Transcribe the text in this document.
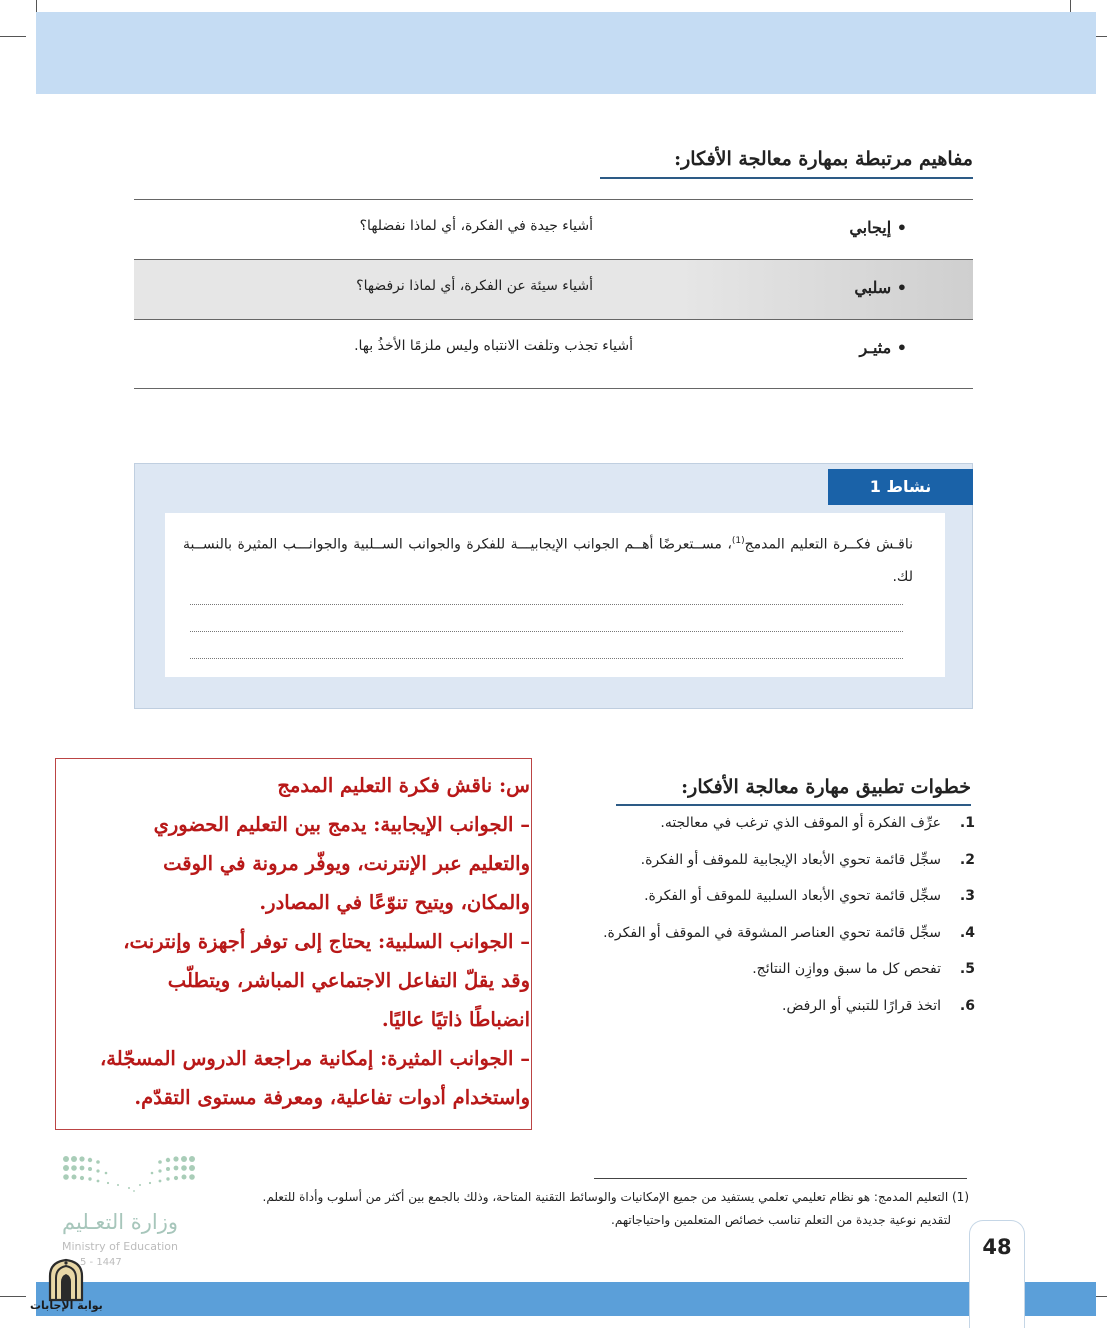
مفاهيم مرتبطة بمهارة معالجة الأفكار:
• إيجابي
أشياء جيدة في الفكرة، أي لماذا نفضلها؟
• سلبي
أشياء سيئة عن الفكرة، أي لماذا نرفضها؟
• مثيـر
أشياء تجذب وتلفت الانتباه وليس ملزمًا الأخذُ بها.
نشاط 1
ناقـش فكــرة التعليم المدمج$^{(1)}$، مســتعرضًا أهــم الجوانب الإيجابيـــة للفكرة والجوانب الســلبية والجوانـــب المثيرة بالنســبة لك.

س: ناقش فكرة التعليم المدمج

– الجوانب الإيجابية: يدمج بين التعليم الحضوري

والتعليم عبر الإنترنت، ويوفّر مرونة في الوقت

والمكان، ويتيح تنوّعًا في المصادر.

– الجوانب السلبية: يحتاج إلى توفر أجهزة وإنترنت،

وقد يقلّ التفاعل الاجتماعي المباشر، ويتطلّب

انضباطًا ذاتيًا عاليًا.

– الجوانب المثيرة: إمكانية مراجعة الدروس المسجّلة،

واستخدام أدوات تفاعلية، ومعرفة مستوى التقدّم.

خطوات تطبيق مهارة معالجة الأفكار:
1.
عرِّف الفكرة أو الموقف الذي ترغب في معالجته.
2.
سجِّل قائمة تحوي الأبعاد الإيجابية للموقف أو الفكرة.
3.
سجِّل قائمة تحوي الأبعاد السلبية للموقف أو الفكرة.
4.
سجِّل قائمة تحوي العناصر المشوقة في الموقف أو الفكرة.
5.
تفحص كل ما سبق ووازِن النتائج.
6.
اتخذ قرارًا للتبني أو الرفض.

(1) التعليم المدمج: هو نظام تعليمي تعلمي يستفيد من جميع الإمكانيات والوسائط التقنية المتاحة، وذلك بالجمع بين أكثر من أسلوب وأداة للتعلم.

لتقديم نوعية جديدة من التعلم تناسب خصائص المتعلمين واحتياجاتهم.

وزارة التعـليم
Ministry of Education
5 - 1447
48
بوابة الإجابات
